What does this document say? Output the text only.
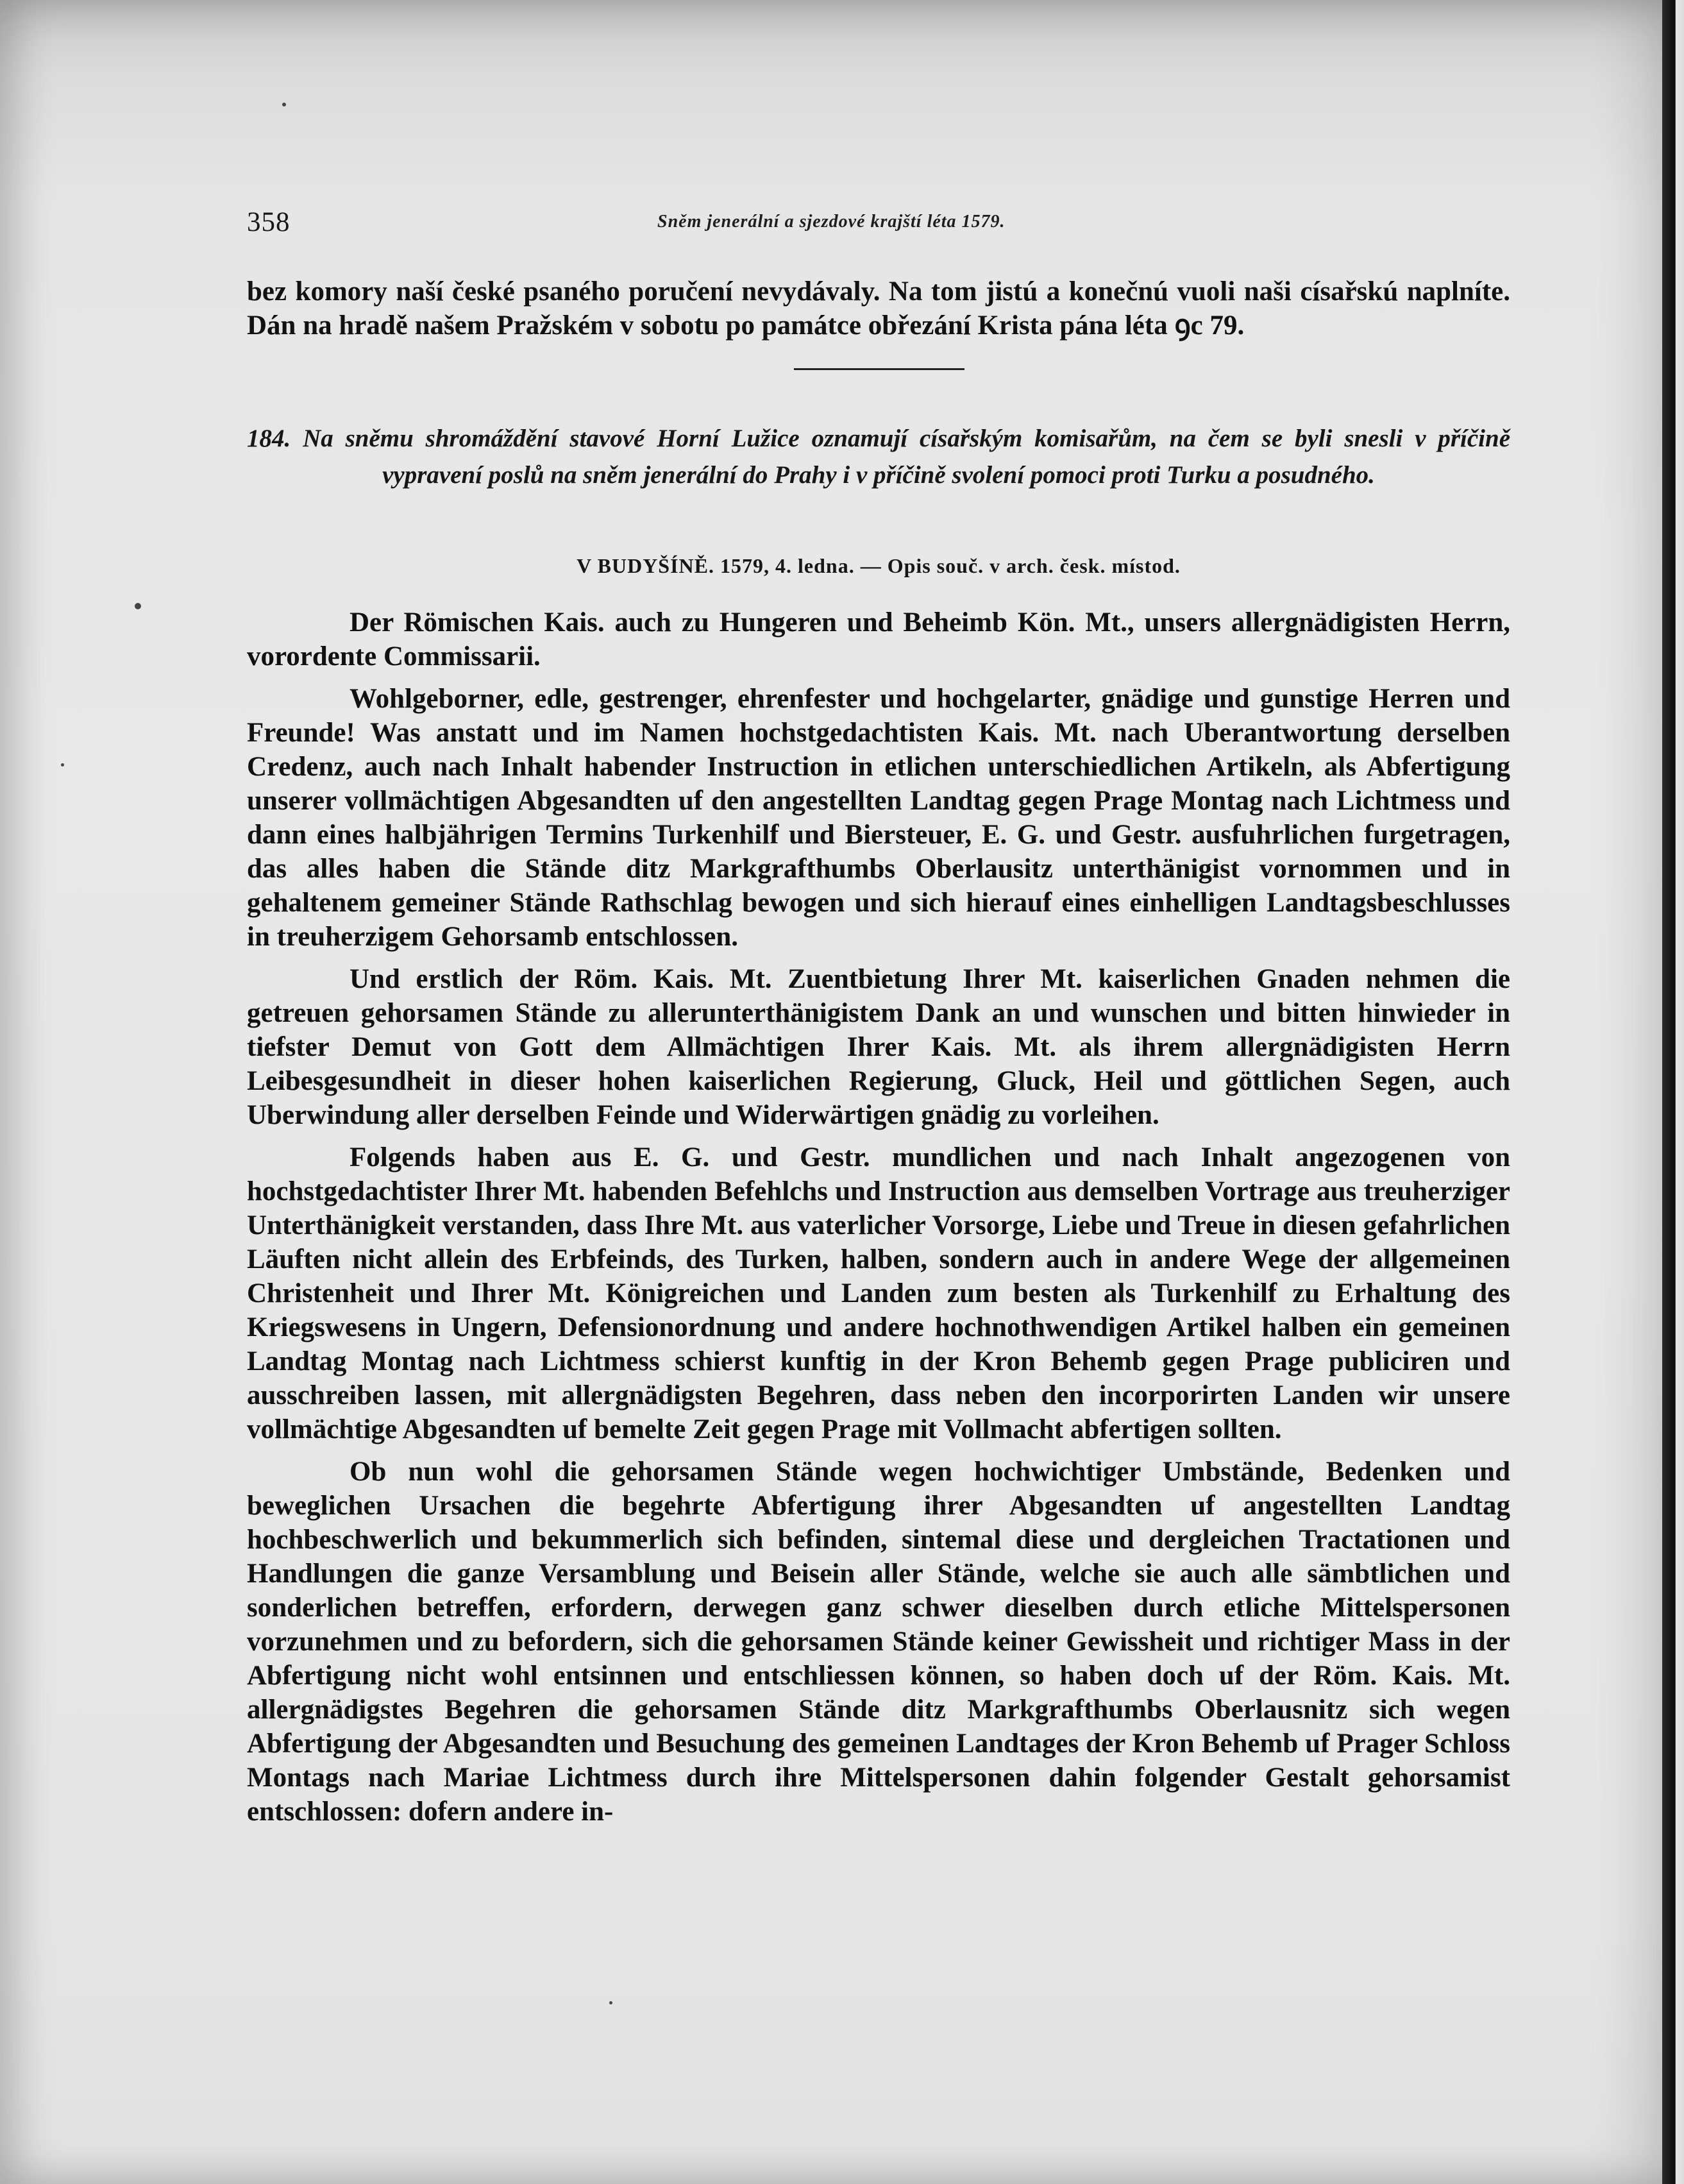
358	Sněm jenerální a sjezdové krajští léta 1579.
bez komory naší české psaného poručení nevydávaly. Na tom jistú a konečnú vuoli naši císařskú naplníte. Dán na hradě našem Pražském v sobotu po památce obřezání Krista pána léta ꝯc 79.
184. Na sněmu shromáždění stavové Horní Lužice oznamují císařským komisařům, na čem se byli snesli v příčině vypravení poslů na sněm jenerální do Prahy i v příčině svolení pomoci proti Turku a posudného.
V BUDYŠÍNĚ. 1579, 4. ledna. — Opis souč. v arch. česk. místod.

Der Römischen Kais. auch zu Hungeren und Beheimb Kön. Mt., unsers allergnädigisten Herrn, vorordente Commissarii.

Wohlgeborner, edle, gestrenger, ehrenfester und hochgelarter, gnädige und gunstige Herren und Freunde! Was anstatt und im Namen hochstgedachtisten Kais. Mt. nach Uberantwortung derselben Credenz, auch nach Inhalt habender Instruction in etlichen unterschiedlichen Artikeln, als Abfertigung unserer vollmächtigen Abgesandten uf den angestellten Landtag gegen Prage Montag nach Lichtmess und dann eines halbjährigen Termins Turkenhilf und Biersteuer, E. G. und Gestr. ausfuhrlichen furgetragen, das alles haben die Stände ditz Markgrafthumbs Oberlausitz unterthänigist vornommen und in gehaltenem gemeiner Stände Rathschlag bewogen und sich hierauf eines einhelligen Landtagsbeschlusses in treuherzigem Gehorsamb entschlossen.

Und erstlich der Röm. Kais. Mt. Zuentbietung Ihrer Mt. kaiserlichen Gnaden nehmen die getreuen gehorsamen Stände zu allerunterthänigistem Dank an und wunschen und bitten hinwieder in tiefster Demut von Gott dem Allmächtigen Ihrer Kais. Mt. als ihrem allergnädigisten Herrn Leibesgesundheit in dieser hohen kaiserlichen Regierung, Gluck, Heil und göttlichen Segen, auch Uberwindung aller derselben Feinde und Widerwärtigen gnädig zu vorleihen.

Folgends haben aus E. G. und Gestr. mundlichen und nach Inhalt angezogenen von hochstgedachtister Ihrer Mt. habenden Befehlchs und Instruction aus demselben Vortrage aus treuherziger Unterthänigkeit verstanden, dass Ihre Mt. aus vaterlicher Vorsorge, Liebe und Treue in diesen gefahrlichen Läuften nicht allein des Erbfeinds, des Turken, halben, sondern auch in andere Wege der allgemeinen Christenheit und Ihrer Mt. Königreichen und Landen zum besten als Turkenhilf zu Erhaltung des Kriegswesens in Ungern, Defensionordnung und andere hochnothwendigen Artikel halben ein gemeinen Landtag Montag nach Lichtmess schierst kunftig in der Kron Behemb gegen Prage publiciren und ausschreiben lassen, mit allergnädigsten Begehren, dass neben den incorporirten Landen wir unsere vollmächtige Abgesandten uf bemelte Zeit gegen Prage mit Vollmacht abfertigen sollten.

Ob nun wohl die gehorsamen Stände wegen hochwichtiger Umbstände, Bedenken und beweglichen Ursachen die begehrte Abfertigung ihrer Abgesandten uf angestellten Landtag hochbeschwerlich und bekummerlich sich befinden, sintemal diese und dergleichen Tractationen und Handlungen die ganze Versamblung und Beisein aller Stände, welche sie auch alle sämbtlichen und sonderlichen betreffen, erfordern, derwegen ganz schwer dieselben durch etliche Mittelspersonen vorzunehmen und zu befordern, sich die gehorsamen Stände keiner Gewissheit und richtiger Mass in der Abfertigung nicht wohl entsinnen und entschliessen können, so haben doch uf der Röm. Kais. Mt. allergnädigstes Begehren die gehorsamen Stände ditz Markgrafthumbs Oberlausnitz sich wegen Abfertigung der Abgesandten und Besuchung des gemeinen Landtages der Kron Behemb uf Prager Schloss Montags nach Mariae Lichtmess durch ihre Mittelspersonen dahin folgender Gestalt gehorsamist entschlossen: dofern andere in-
